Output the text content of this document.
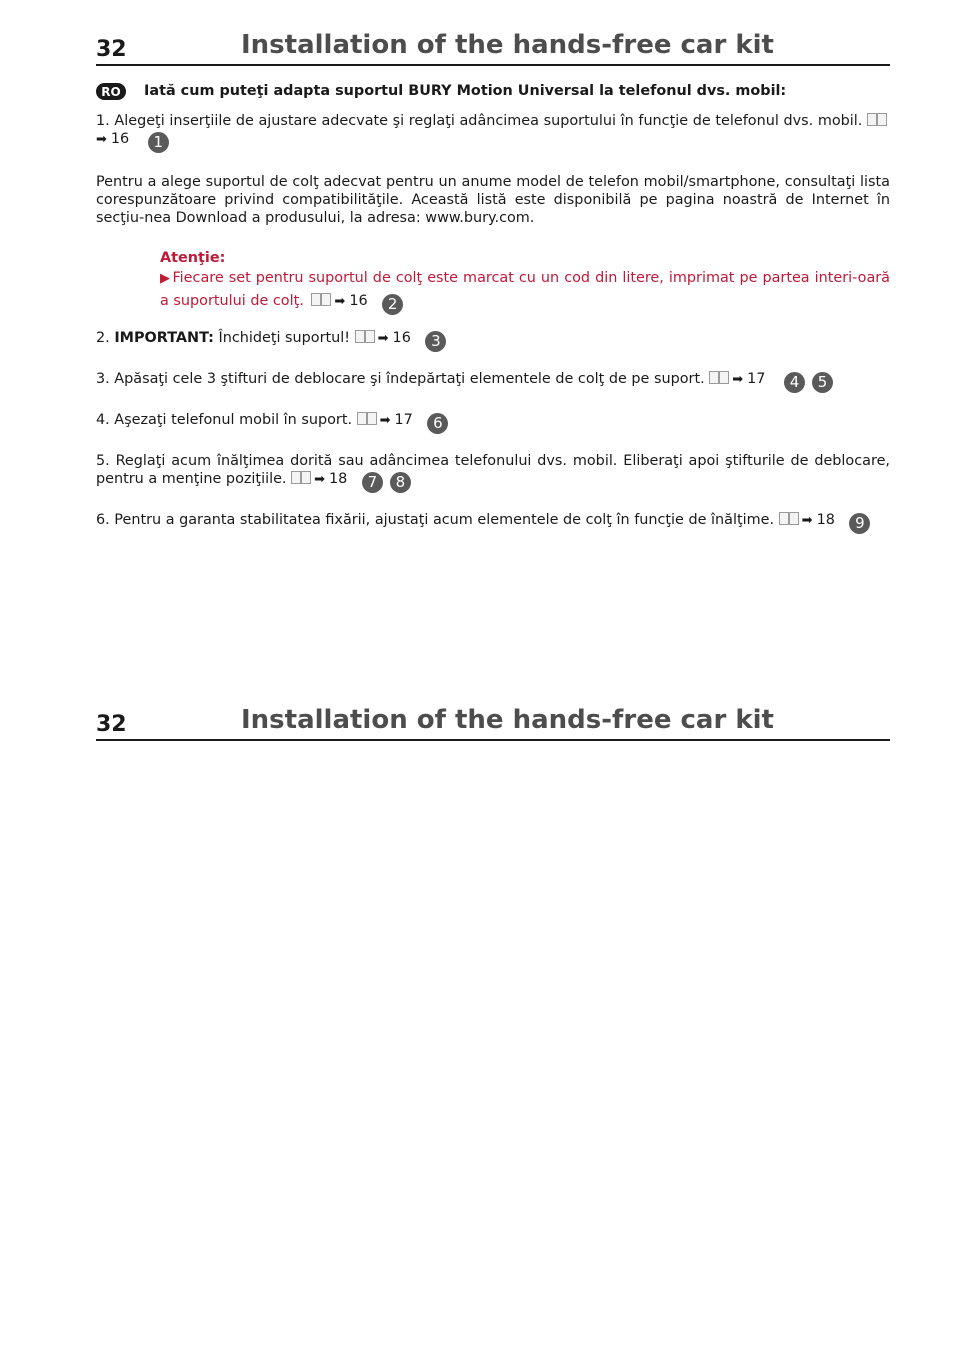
32	Installation of the hands-free car kit
RO	Iată cum puteţi adapta suportul BURY Motion Universal la telefonul dvs. mobil:

1. Alegeţi inserţiile de ajustare adecvate şi reglaţi adâncimea suportului în funcţie de telefonul dvs. mobil. ➡ 16 1

Pentru a alege suportul de colţ adecvat pentru un anume model de telefon mobil/smartphone, consultaţi lista corespunzătoare privind compatibilităţile. Această listă este disponibilă pe pagina noastră de Internet în secţiu-nea Download a produsului, la adresa: www.bury.com.

Atenţie:

▶ Fiecare set pentru suportul de colţ este marcat cu un cod din litere, imprimat pe partea interi-oară a suportului de colţ. ➡ 16 2

2. IMPORTANT: Închideţi suportul! ➡ 16 3

3. Apăsaţi cele 3 ştifturi de deblocare şi îndepărtaţi elementele de colţ de pe suport. ➡ 17 4 5

4. Aşezaţi telefonul mobil în suport. ➡ 17 6

5. Reglaţi acum înălţimea dorită sau adâncimea telefonului dvs. mobil. Eliberaţi apoi ştifturile de deblocare, pentru a menţine poziţiile. ➡ 18 7 8

6. Pentru a garanta stabilitatea fixării, ajustaţi acum elementele de colţ în funcţie de înălţime. ➡ 18 9

32	Installation of the hands-free car kit
